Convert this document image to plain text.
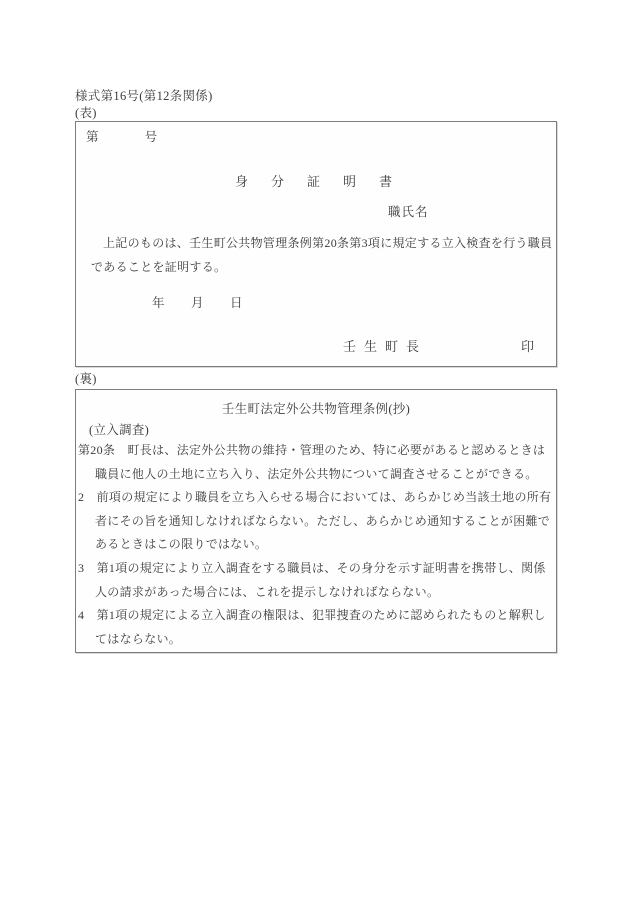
様式第16号(第12条関係)
(表)
第	号
身　分　証　明　書
職氏名
上記のものは、壬生町公共物管理条例第20条第3項に規定する立入検査を行う職員
であることを証明する。
年　月　日
壬生町長	印
(裏)
壬生町法定外公共物管理条例(抄)
(立入調査)
第20条　町長は、法定外公共物の維持・管理のため、特に必要があると認めるときは
職員に他人の土地に立ち入り、法定外公共物について調査させることができる。
2　前項の規定により職員を立ち入らせる場合においては、あらかじめ当該土地の所有
者にその旨を通知しなければならない。ただし、あらかじめ通知することが困難で
あるときはこの限りではない。
3　第1項の規定により立入調査をする職員は、その身分を示す証明書を携帯し、関係
人の請求があった場合には、これを提示しなければならない。
4　第1項の規定による立入調査の権限は、犯罪捜査のために認められたものと解釈し
てはならない。
